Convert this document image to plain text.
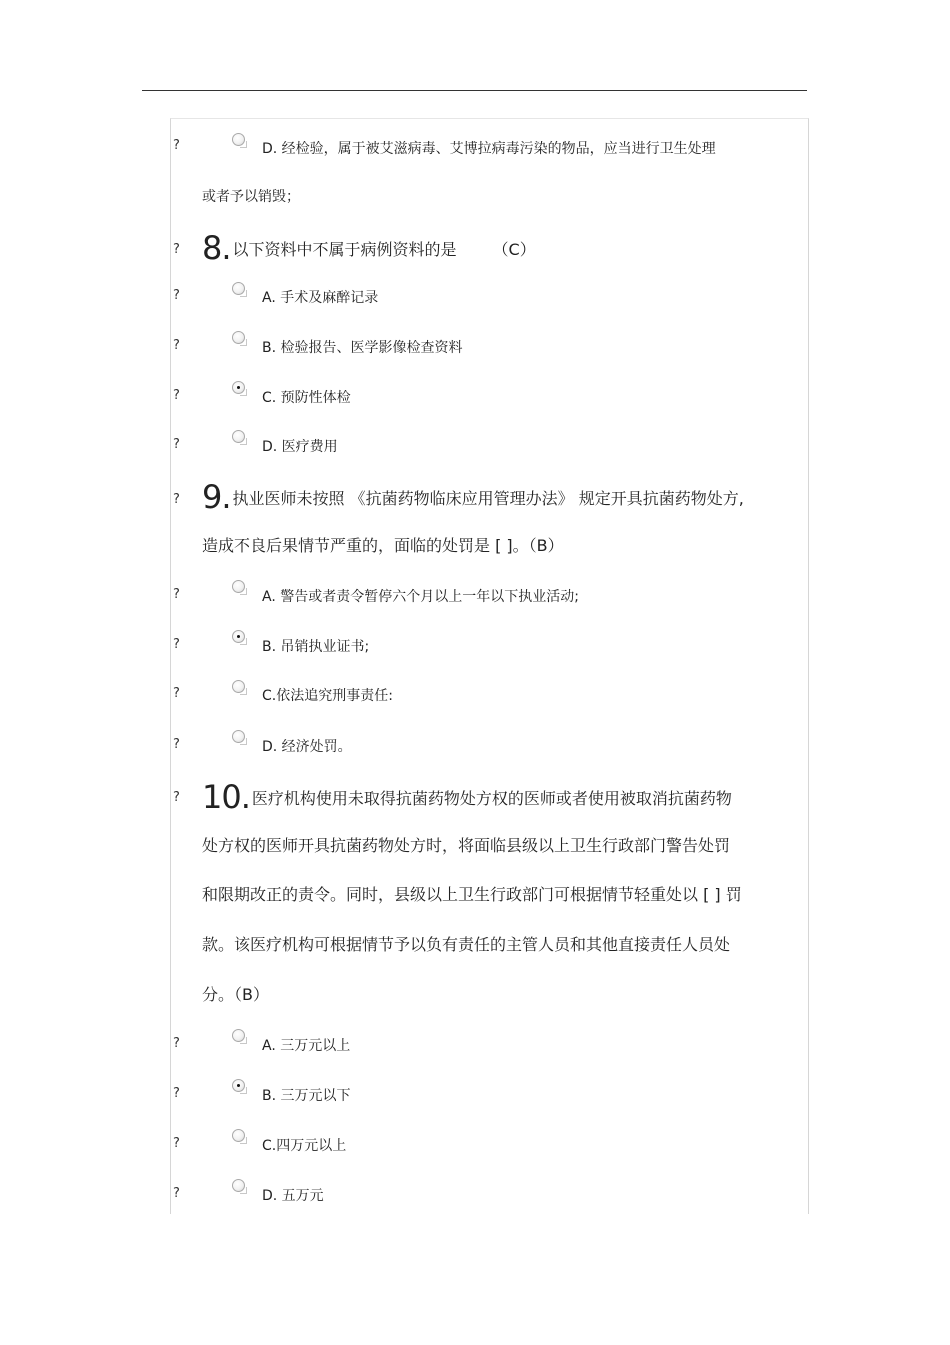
?	D. 经检验，属于被艾滋病毒、艾博拉病毒污染的物品，应当进行卫生处理
或者予以销毁；
? 8. 以下资料中不属于病例资料的是 （C）
?	A. 手术及麻醉记录
?	B. 检验报告、医学影像检查资料
?	C. 预防性体检
?	D. 医疗费用
? 9. 执业医师未按照 《抗菌药物临床应用管理办法》 规定开具抗菌药物处方,
造成不良后果情节严重的，面临的处罚是 [ ]。（B）
?	A. 警告或者责令暂停六个月以上一年以下执业活动;
?	B. 吊销执业证书;
?	C.依法追究刑事责任:
?	D. 经济处罚。
? 10. 医疗机构使用未取得抗菌药物处方权的医师或者使用被取消抗菌药物
处方权的医师开具抗菌药物处方时，将面临县级以上卫生行政部门警告处罚
和限期改正的责令。同时，县级以上卫生行政部门可根据情节轻重处以 [ ] 罚
款。该医疗机构可根据情节予以负有责任的主管人员和其他直接责任人员处
分。（B）
?	A. 三万元以上
?	B. 三万元以下
?	C.四万元以上
?	D. 五万元
